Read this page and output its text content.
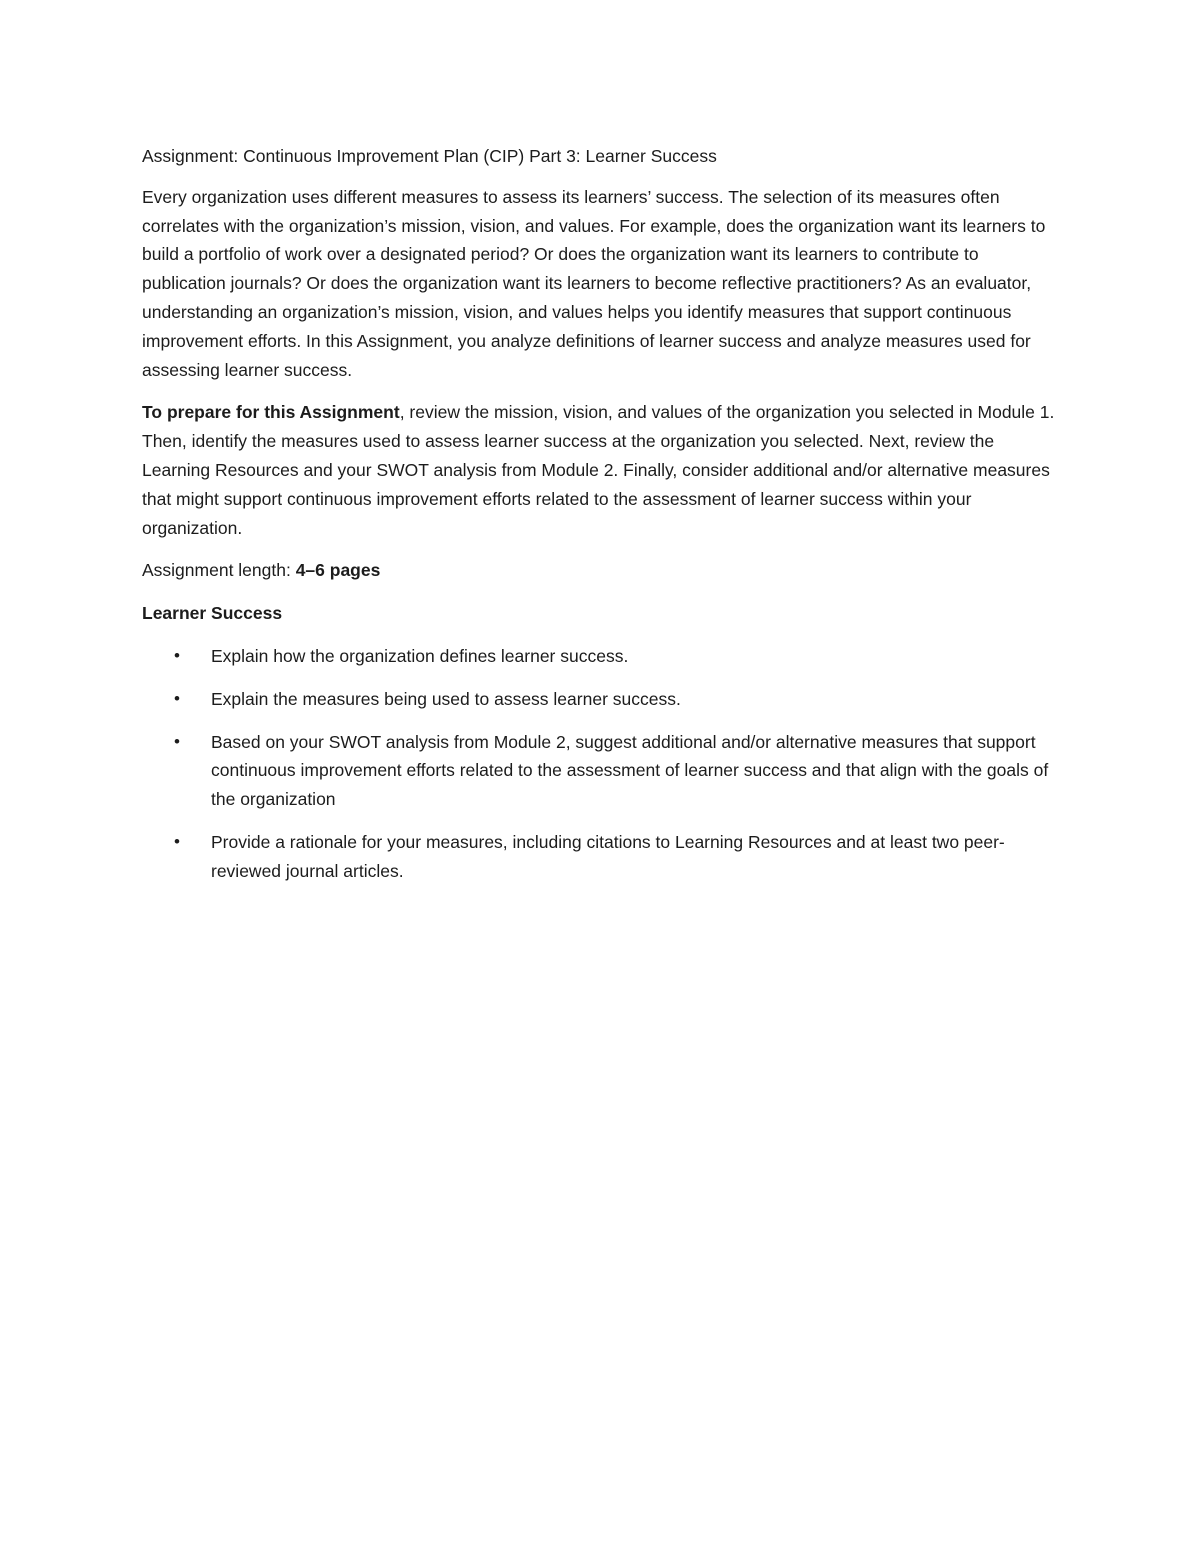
Assignment: Continuous Improvement Plan (CIP) Part 3: Learner Success

Every organization uses different measures to assess its learners’ success. The selection of its measures often correlates with the organization’s mission, vision, and values. For example, does the organization want its learners to build a portfolio of work over a designated period? Or does the organization want its learners to contribute to publication journals? Or does the organization want its learners to become reflective practitioners? As an evaluator, understanding an organization’s mission, vision, and values helps you identify measures that support continuous improvement efforts. In this Assignment, you analyze definitions of learner success and analyze measures used for assessing learner success.

To prepare for this Assignment, review the mission, vision, and values of the organization you selected in Module 1. Then, identify the measures used to assess learner success at the organization you selected. Next, review the Learning Resources and your SWOT analysis from Module 2. Finally, consider additional and/or alternative measures that might support continuous improvement efforts related to the assessment of learner success within your organization.

Assignment length: 4–6 pages

Learner Success

• Explain how the organization defines learner success.
• Explain the measures being used to assess learner success.
• Based on your SWOT analysis from Module 2, suggest additional and/or alternative measures that support continuous improvement efforts related to the assessment of learner success and that align with the goals of the organization
• Provide a rationale for your measures, including citations to Learning Resources and at least two peer-reviewed journal articles.
